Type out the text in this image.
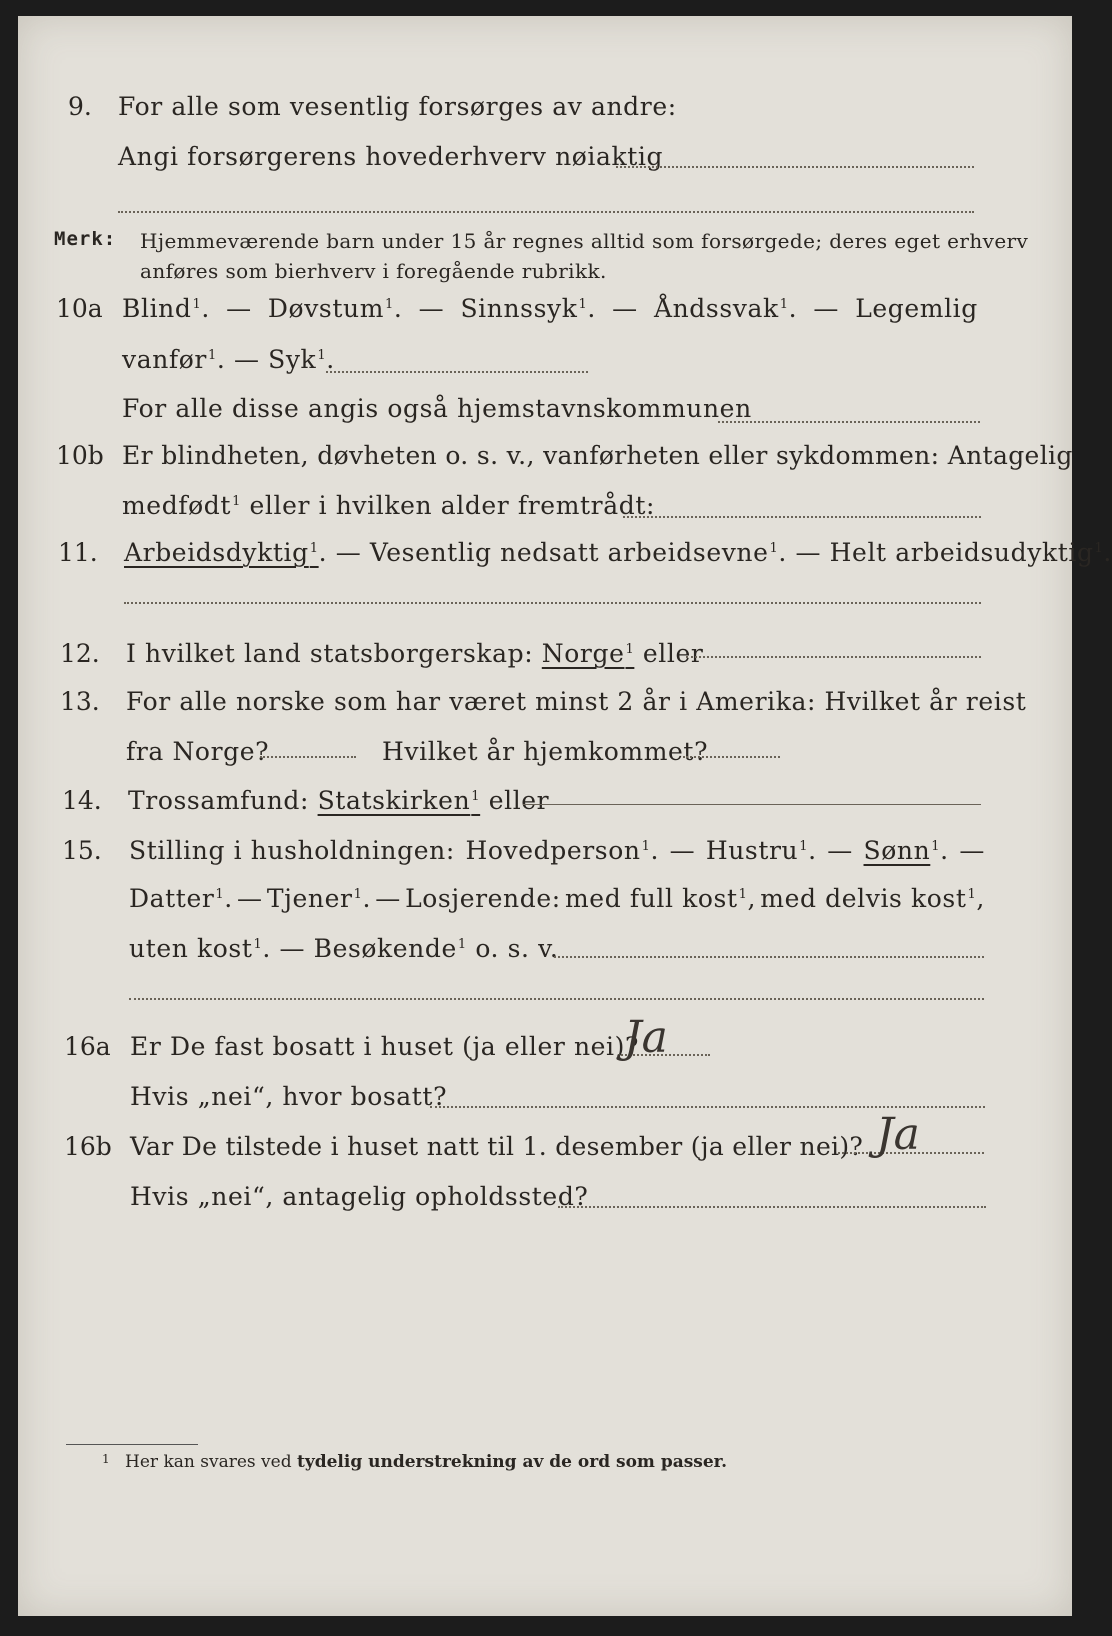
9. For alle som vesentlig forsørges av andre:
Angi forsørgerens hovederhverv nøiaktig
Merk: Hjemmeværende barn under 15 år regnes alltid som forsørgede; deres eget erhverv
anføres som bierhverv i foregående rubrikk.
10a Blind$^1$. — Døvstum$^1$. — Sinnssyk$^1$. — Åndssvak$^1$. — Legemlig
vanfør$^1$. — Syk$^1$.
For alle disse angis også hjemstavnskommunen
10b Er blindheten, døvheten o. s. v., vanførheten eller sykdommen: Antagelig
medfødt$^1$ eller i hvilken alder fremtrådt:
11. Arbeidsdyktig$^1$. — Vesentlig nedsatt arbeidsevne$^1$. — Helt arbeidsudyktig$^1$.
12. I hvilket land statsborgerskap: Norge$^1$ eller
13. For alle norske som har været minst 2 år i Amerika: Hvilket år reist
fra Norge?	Hvilket år hjemkommet?
14. Trossamfund: Statskirken$^1$ eller
15. Stilling i husholdningen: Hovedperson$^1$. — Hustru$^1$. — Sønn$^1$. —
Datter$^1$. — Tjener$^1$. — Losjerende: med full kost$^1$, med delvis kost$^1$,
uten kost$^1$. — Besøkende$^1$ o. s. v.
16a Er De fast bosatt i huset (ja eller nei)?
Ja
Hvis „nei“, hvor bosatt?
16b Var De tilstede i huset natt til 1. desember (ja eller nei)? Ja
Hvis „nei“, antagelig opholdssted?
$^1$ Her kan svares ved tydelig understrekning av de ord som passer.
